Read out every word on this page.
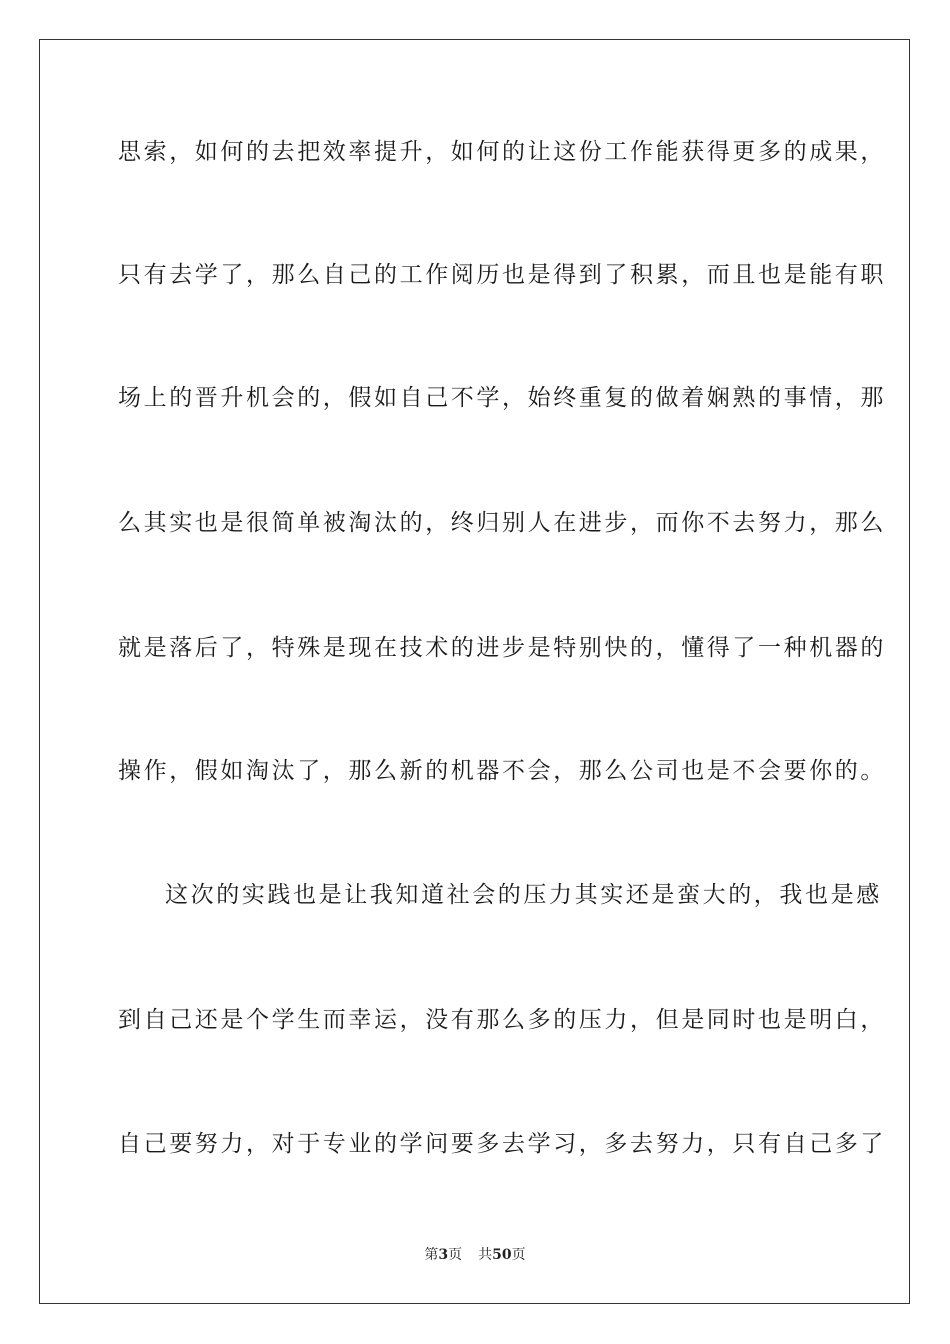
思索，如何的去把效率提升，如何的让这份工作能获得更多的成果，
只有去学了，那么自己的工作阅历也是得到了积累，而且也是能有职
场上的晋升机会的，假如自己不学，始终重复的做着娴熟的事情，那
么其实也是很简单被淘汰的，终归别人在进步，而你不去努力，那么
就是落后了，特殊是现在技术的进步是特别快的，懂得了一种机器的
操作，假如淘汰了，那么新的机器不会，那么公司也是不会要你的。
这次的实践也是让我知道社会的压力其实还是蛮大的，我也是感
到自己还是个学生而幸运，没有那么多的压力，但是同时也是明白，
自己要努力，对于专业的学问要多去学习，多去努力，只有自己多了
第3页 共50页
